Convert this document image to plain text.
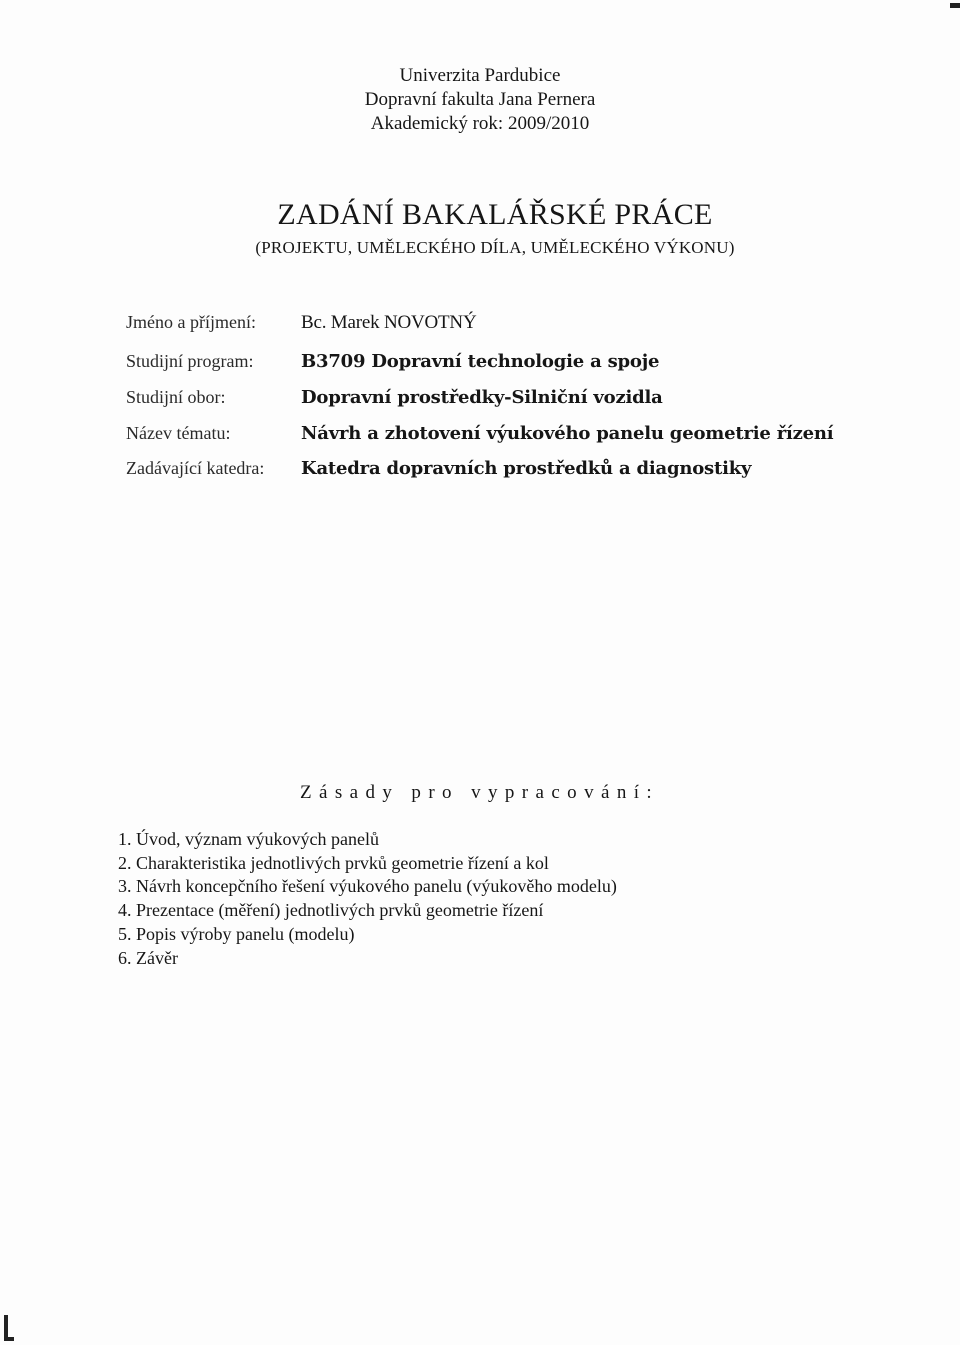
Univerzita Pardubice
Dopravní fakulta Jana Pernera
Akademický rok: 2009/2010
ZADÁNÍ BAKALÁŘSKÉ PRÁCE
(PROJEKTU, UMĚLECKÉHO DÍLA, UMĚLECKÉHO VÝKONU)
Jméno a příjmení: Bc. Marek NOVOTNÝ
Studijní program:	B3709 Dopravní technologie a spoje
Studijní obor:	Dopravní prostředky-Silniční vozidla
Název tématu:	Návrh a zhotovení výukového panelu geometrie řízení
Zadávající katedra: Katedra dopravních prostředků a diagnostiky
Zásady pro vypracování:
1. Úvod, význam výukových panelů
2. Charakteristika jednotlivých prvků geometrie řízení a kol
3. Návrh koncepčního řešení výukového panelu (výukověho modelu)
4. Prezentace (měření) jednotlivých prvků geometrie řízení
5. Popis výroby panelu (modelu)
6. Závěr
